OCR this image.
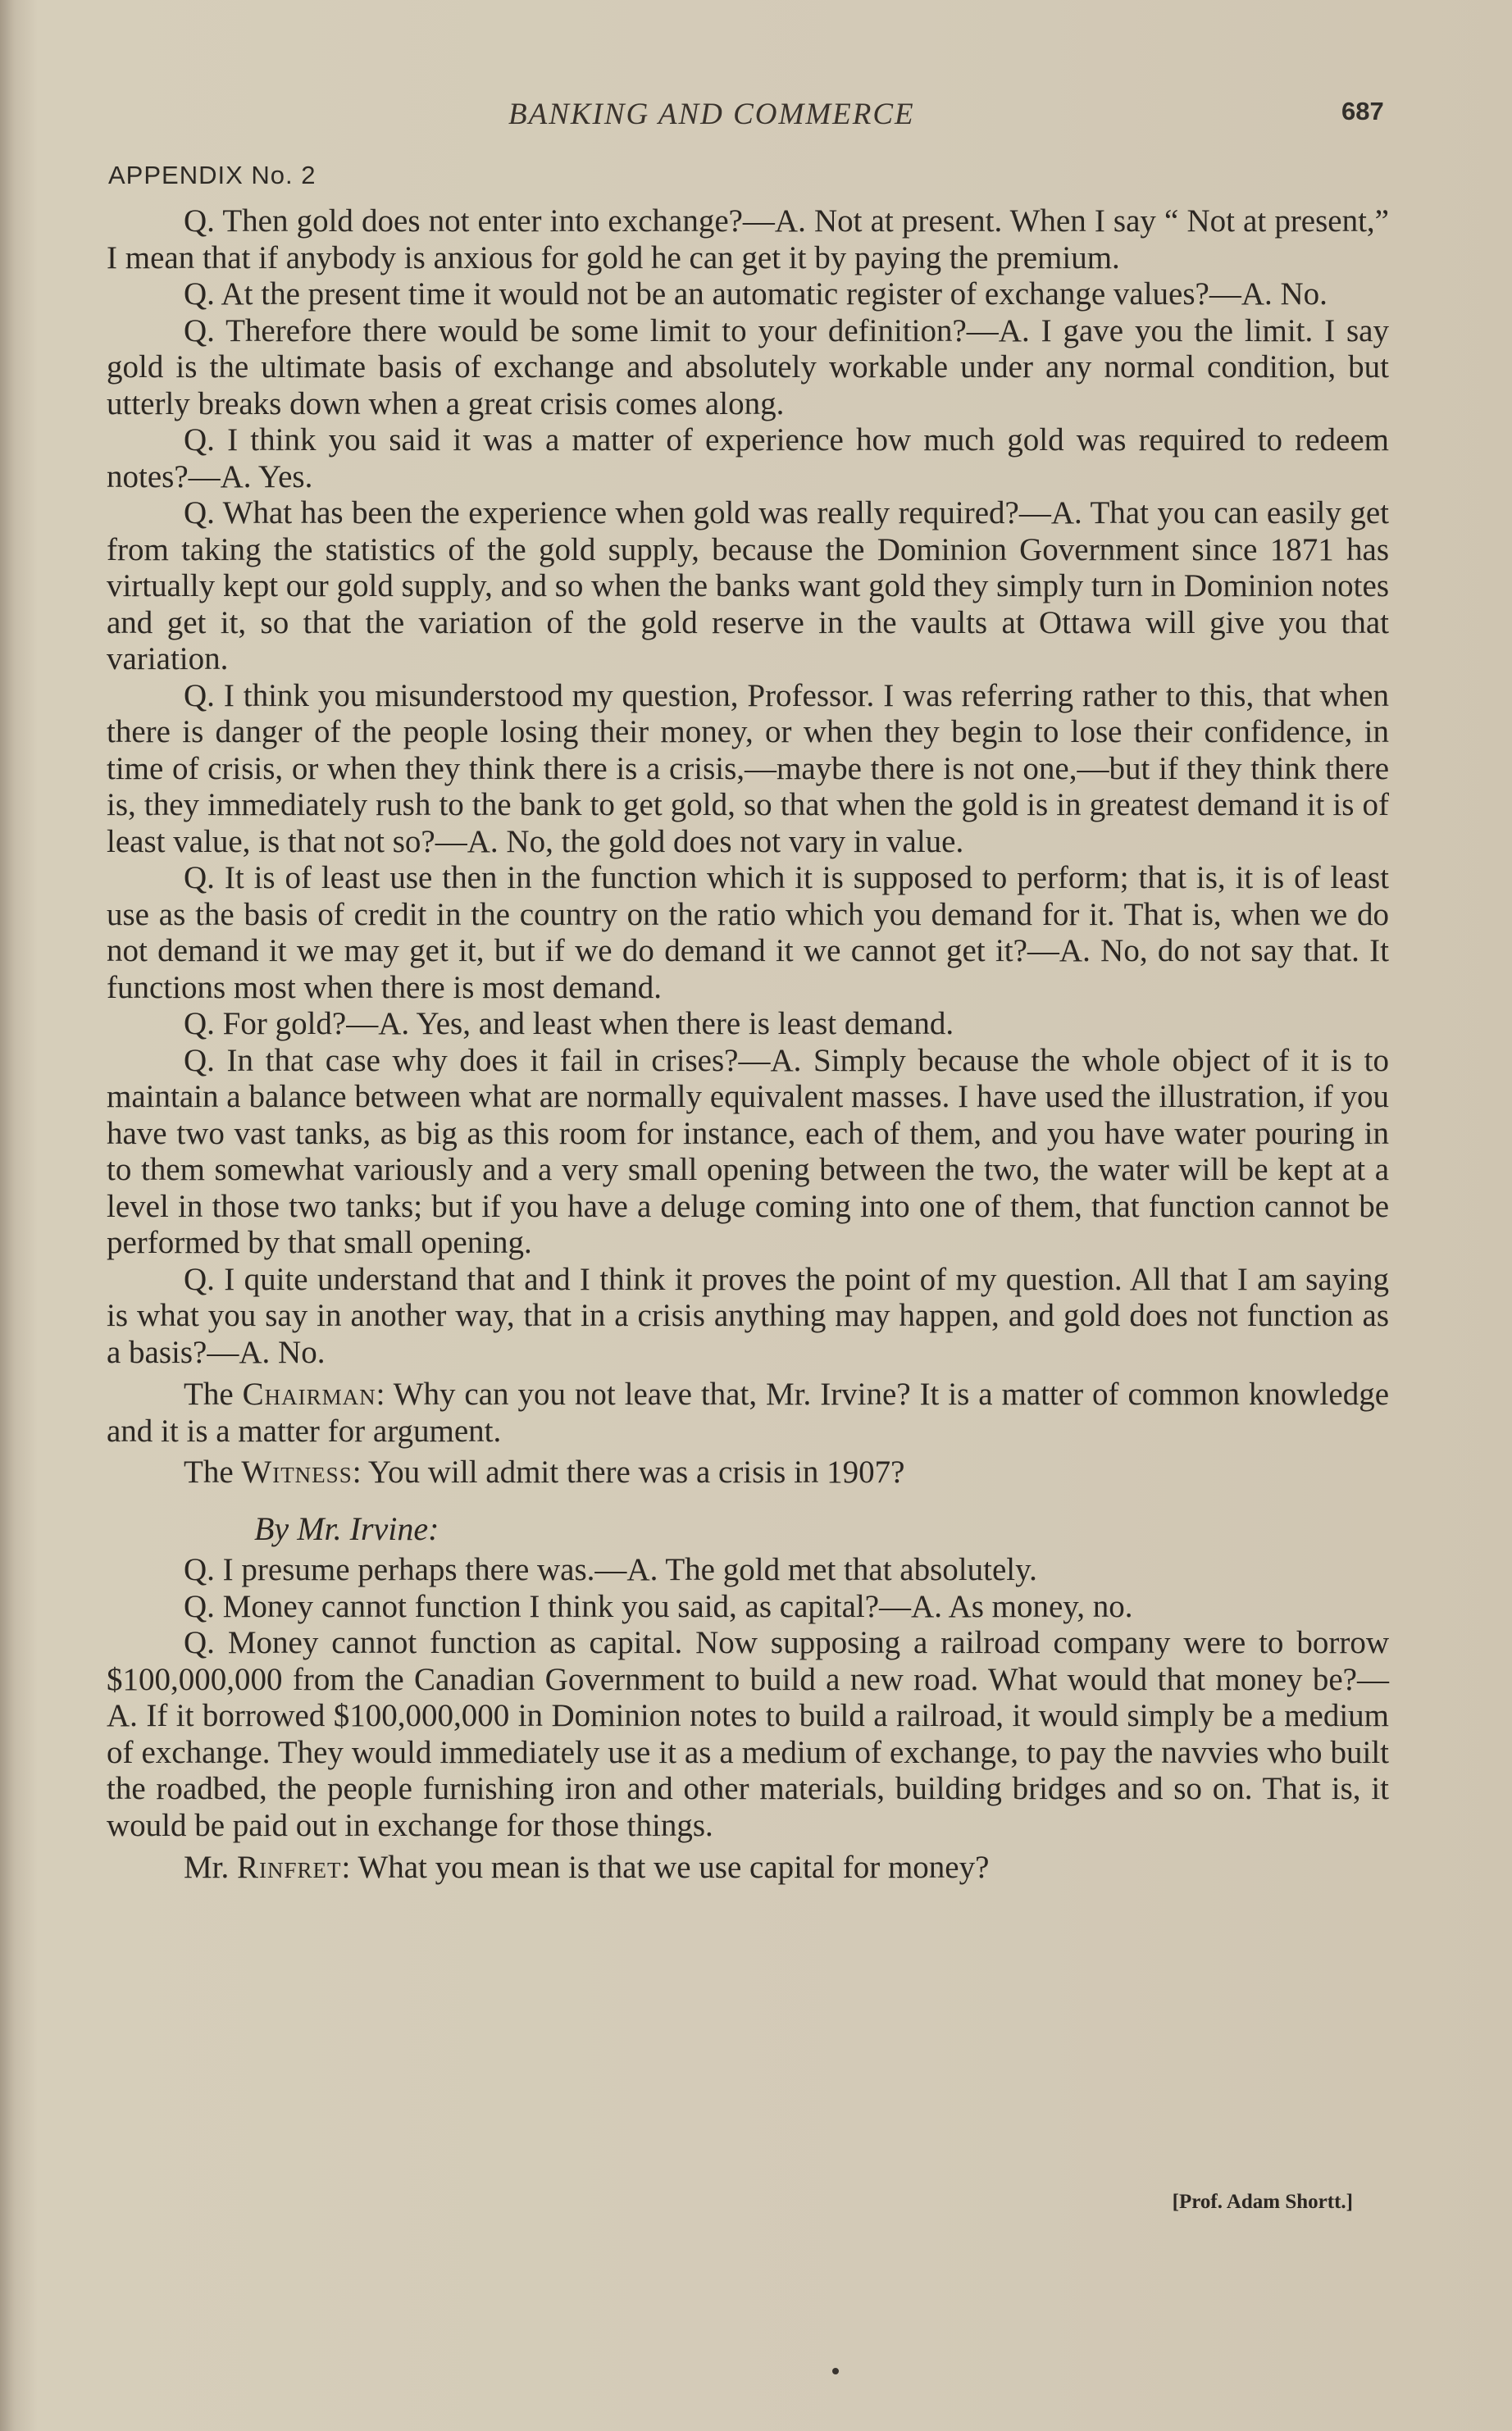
BANKING AND COMMERCE	687
APPENDIX No. 2

Q. Then gold does not enter into exchange?—A. Not at present. When I say “ Not at present,” I mean that if anybody is anxious for gold he can get it by paying the premium.

Q. At the present time it would not be an automatic register of exchange values?—A. No.

Q. Therefore there would be some limit to your definition?—A. I gave you the limit. I say gold is the ultimate basis of exchange and absolutely workable under any normal condition, but utterly breaks down when a great crisis comes along.

Q. I think you said it was a matter of experience how much gold was required to redeem notes?—A. Yes.

Q. What has been the experience when gold was really required?—A. That you can easily get from taking the statistics of the gold supply, because the Dominion Government since 1871 has virtually kept our gold supply, and so when the banks want gold they simply turn in Dominion notes and get it, so that the variation of the gold reserve in the vaults at Ottawa will give you that variation.

Q. I think you misunderstood my question, Professor. I was referring rather to this, that when there is danger of the people losing their money, or when they begin to lose their confidence, in time of crisis, or when they think there is a crisis,—maybe there is not one,—but if they think there is, they immediately rush to the bank to get gold, so that when the gold is in greatest demand it is of least value, is that not so?—A. No, the gold does not vary in value.

Q. It is of least use then in the function which it is supposed to perform; that is, it is of least use as the basis of credit in the country on the ratio which you demand for it. That is, when we do not demand it we may get it, but if we do demand it we cannot get it?—A. No, do not say that. It functions most when there is most demand.

Q. For gold?—A. Yes, and least when there is least demand.

Q. In that case why does it fail in crises?—A. Simply because the whole object of it is to maintain a balance between what are normally equivalent masses. I have used the illustration, if you have two vast tanks, as big as this room for instance, each of them, and you have water pouring in to them somewhat variously and a very small opening between the two, the water will be kept at a level in those two tanks; but if you have a deluge coming into one of them, that function cannot be performed by that small opening.

Q. I quite understand that and I think it proves the point of my question. All that I am saying is what you say in another way, that in a crisis anything may happen, and gold does not function as a basis?—A. No.

The Chairman: Why can you not leave that, Mr. Irvine? It is a matter of common knowledge and it is a matter for argument.

The Witness: You will admit there was a crisis in 1907?

By Mr. Irvine:

Q. I presume perhaps there was.—A. The gold met that absolutely.

Q. Money cannot function I think you said, as capital?—A. As money, no.

Q. Money cannot function as capital. Now supposing a railroad company were to borrow $100,000,000 from the Canadian Government to build a new road. What would that money be?—A. If it borrowed $100,000,000 in Dominion notes to build a railroad, it would simply be a medium of exchange. They would immediately use it as a medium of exchange, to pay the navvies who built the roadbed, the people furnishing iron and other materials, building bridges and so on. That is, it would be paid out in exchange for those things.

Mr. Rinfret: What you mean is that we use capital for money?

[Prof. Adam Shortt.]
